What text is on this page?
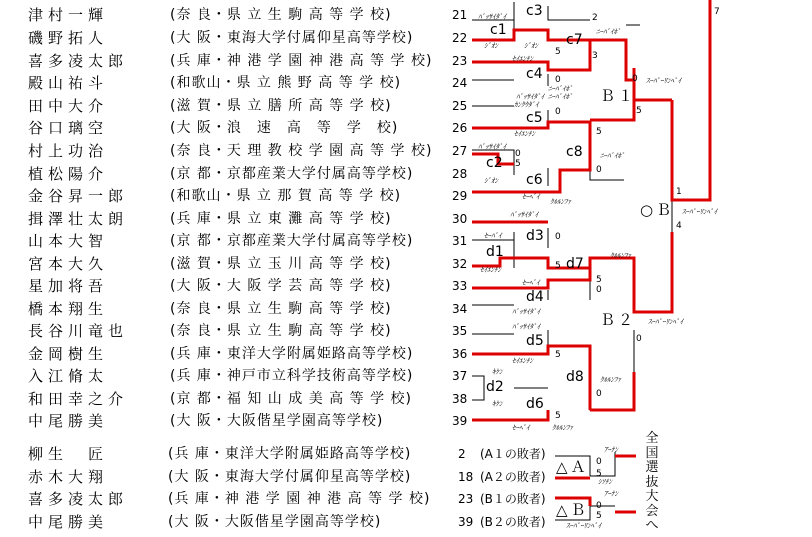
津村一輝	(奈 良・県 立 生 駒 高 等 学 校)	21
磯野拓人	(大 阪・東海大学付属仰星高等学校)	22
喜多凌太郎	(兵 庫・神 港 学 園 神 港 高 等 学 校)	23
殿山祐斗	(和歌山・県 立 熊 野 高 等 学 校)	24
田中大介	(滋 賀・県 立 膳 所 高 等 学 校)	25
谷口璃空	(大 阪・浪　速　高　等　学　校)	26
村上功治	(奈 良・天 理 教 校 学 園 高 等 学 校)	27
植松陽介	(京 都・京都産業大学付属高等学校)	28
金谷昇一郎	(和歌山・県 立 那 賀 高 等 学 校)	29
揖澤壮太朗	(兵 庫・県 立 東 灘 高 等 学 校)	30
山本大智	(京 都・京都産業大学付属高等学校)	31
宮本大久	(滋 賀・県 立 玉 川 高 等 学 校)	32
星加将吾	(大 阪・大 阪 学 芸 高 等 学 校)	33
橋本翔生	(奈 良・県 立 生 駒 高 等 学 校)	34
長谷川竜也	(奈 良・県 立 生 駒 高 等 学 校)	35
金岡樹生	(兵 庫・東洋大学附属姫路高等学校)	36
入江脩太	(兵 庫・神戸市立科学技術高等学校)	37
和田幸之介	(京 都・福 知 山 成 美 高 等 学 校)	38
中尾勝美	(大 阪・大阪偕星学園高等学校)	39
柳生　匠	(兵 庫・東洋大学附属姫路高等学校)	2	(A１の敗者)
赤木大翔	(大 阪・東海大学付属仰星高等学校)	18 (A２の敗者)
喜多凌太郎	(兵 庫・神 港 学 園 神 港 高 等 学 校)	23 (B１の敗者)
中尾勝美	(大 阪・大阪偕星学園高等学校)	39 (B２の敗者)
c3
c1
c7
c4
c5
c2
c8
c6
d3
d1
d7
d4
d5
d2
d8
d6
Ｂ１
Ｂ２
○Ｂ
△Ａ
△Ｂ
ﾊﾞｯｻｲﾀﾞｲ
ｼﾞｵﾝ	ｼﾞｵﾝ
ｾｲｴﾝﾁﾝ
ﾆｰﾊﾞｲﾎﾞ
ﾆｰﾊﾞｲﾎﾞ
ﾊﾞｯｻｲﾀﾞｲ ﾆｰﾊﾞｲﾎﾞ
ｶﾝｸｳﾀﾞｲ
ｽｰﾊﾟｰﾘﾝﾍﾟｲ
ｾｲｴﾝﾁﾝ
ﾆｰﾊﾞｲﾎﾞ
ﾊﾞｯｻｲﾀﾞｲ
ｼﾞｵﾝ
ｾｰﾍﾞｲ
ﾊﾞｯｻｲﾀﾞｲ
ｸﾙﾙﾝﾌｧ
ｾｰﾊﾞｲ
ｾｲｴﾝﾁﾝ
ｾｰﾍﾞｲ
ﾊﾞｯｻｲﾀﾞｲ
ﾊﾞｯｻｲﾀﾞｲ
ｾｲｴﾝﾁﾝ
ｷｹﾝ
ｷｹﾝ
ｾｰﾍﾞｲ	ｸﾙﾙﾝﾌｧ
ｸﾙﾙﾝﾌｧ
ｽｰﾊﾟｰﾘﾝﾍﾟｲ
ｽｰﾊﾟｰﾘﾝﾍﾟｲ
ｸﾙﾙﾝﾌｧ
ｱｰﾅﾝ
ｼｿﾁﾝ
ｱｰﾅﾝ
ｽｰﾊﾟｰﾘﾝﾍﾟｲ
2
3
0
0
5
5
0
5
0
1
4
7
5
0
0
5
5
0
0
5
0
5
0
0
5
5
全国選抜大会へ
